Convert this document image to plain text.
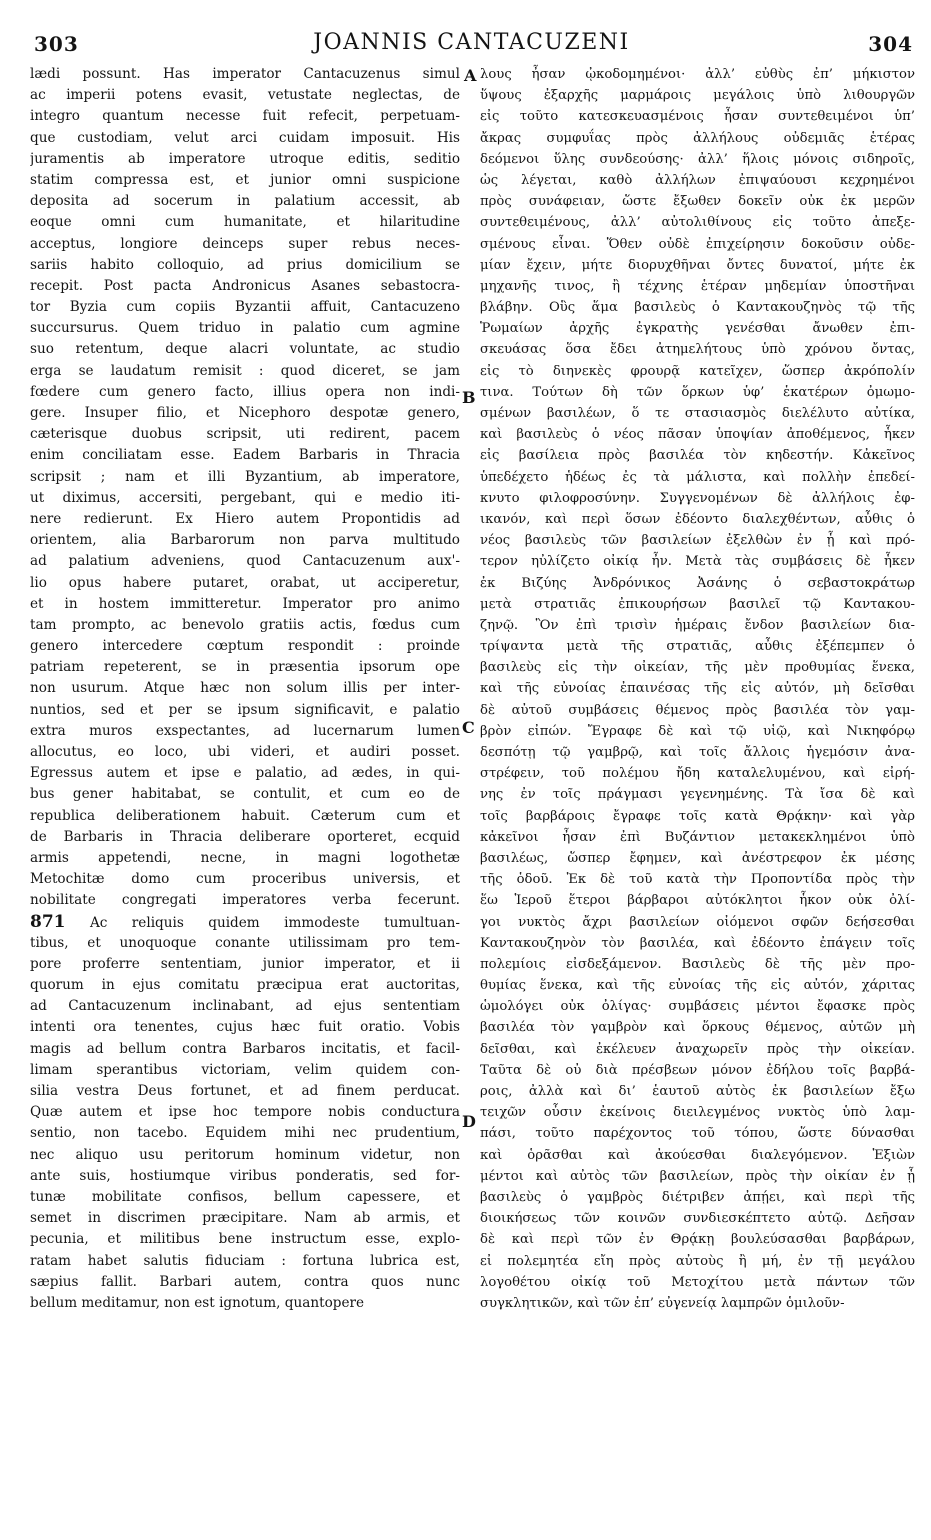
303	JOANNIS CANTACUZENI	304
lædi possunt. Has imperator Cantacuzenus simul
ac imperii potens evasit, vetustate neglectas, de
integro quantum necesse fuit refecit, perpetuam-
que custodiam, velut arci cuidam imposuit. His
juramentis ab imperatore utroque editis, seditio
statim compressa est, et junior omni suspicione
deposita ad socerum in palatium accessit, ab
eoque omni cum humanitate, et hilaritudine
acceptus, longiore deinceps super rebus neces-
sariis habito colloquio, ad prius domicilium se
recepit. Post pacta Andronicus Asanes sebastocra-
tor Byzia cum copiis Byzantii affuit, Cantacuzeno
succursurus. Quem triduo in palatio cum agmine
suo retentum, deque alacri voluntate, ac studio
erga se laudatum remisit : quod diceret, se jam
fœdere cum genero facto, illius opera non indi-
gere. Insuper filio, et Nicephoro despotæ genero,
cæterisque duobus scripsit, uti redirent, pacem
enim conciliatam esse. Eadem Barbaris in Thracia
scripsit ; nam et illi Byzantium, ab imperatore,
ut diximus, accersiti, pergebant, qui e medio iti-
nere redierunt. Ex Hiero autem Propontidis ad
orientem, alia Barbarorum non parva multitudo
ad palatium adveniens, quod Cantacuzenum aux'-
lio opus habere putaret, orabat, ut acciperetur,
et in hostem immitteretur. Imperator pro animo
tam prompto, ac benevolo gratiis actis, fœdus cum
genero intercedere cœptum respondit : proinde
patriam repeterent, se in præsentia ipsorum ope
non usurum. Atque hæc non solum illis per inter-
nuntios, sed et per se ipsum significavit, e palatio
extra muros exspectantes, ad lucernarum lumen
allocutus, eo loco, ubi videri, et audiri posset.
Egressus autem et ipse e palatio, ad ædes, in qui-
bus gener habitabat, se contulit, et cum eo de
republica deliberationem habuit. Cæterum cum et
de Barbaris in Thracia deliberare oporteret, ecquid
armis appetendi, necne, in magni logothetæ
Metochitæ domo cum proceribus universis, et
nobilitate congregati imperatores verba fecerunt.
871 Ac reliquis quidem immodeste tumultuan-
tibus, et unoquoque conante utilissimam pro tem-
pore proferre sententiam, junior imperator, et ii
quorum in ejus comitatu præcipua erat auctoritas,
ad Cantacuzenum inclinabant, ad ejus sententiam
intenti ora tenentes, cujus hæc fuit oratio. Vobis
magis ad bellum contra Barbaros incitatis, et facil-
limam sperantibus victoriam, velim quidem con-
silia vestra Deus fortunet, et ad finem perducat.
Quæ autem et ipse hoc tempore nobis conductura
sentio, non tacebo. Equidem mihi nec prudentium,
nec aliquo usu peritorum hominum videtur, non
ante suis, hostiumque viribus ponderatis, sed for-
tunæ mobilitate confisos, bellum capessere, et
semet in discrimen præcipitare. Nam ab armis, et
pecunia, et militibus bene instructum esse, explo-
ratam habet salutis fiduciam : fortuna lubrica est,
sæpius fallit. Barbari autem, contra quos nunc
bellum meditamur, non est ignotum, quantopere
A
B
C
D
λους ἦσαν ᾠκοδομημένοι· ἀλλ’ εὐθὺς ἐπ’ μήκιστον
ὕψους ἐξαρχῆς μαρμάροις μεγάλοις ὑπὸ λιθουργῶν
εἰς τοῦτο κατεσκευασμένοις ἦσαν συντεθειμένοι ὑπ’
ἄκρας συμφυΐας πρὸς ἀλλήλους οὐδεμιᾶς ἑτέρας
δεόμενοι ὕλης συνδεούσης· ἀλλ’ ἥλοις μόνοις σιδηροῖς,
ὡς λέγεται, καθὸ ἀλλήλων ἐπιψαύουσι κεχρημένοι
πρὸς συνάφειαν, ὥστε ἔξωθεν δοκεῖν οὐκ ἐκ μερῶν
συντεθειμένους, ἀλλ’ αὐτολιθίνους εἰς τοῦτο ἀπεξε-
σμένους εἶναι. Ὅθεν οὐδὲ ἐπιχείρησιν δοκοῦσιν οὐδε-
μίαν ἔχειν, μήτε διορυχθῆναι ὄντες δυνατοί, μήτε ἐκ
μηχανῆς τινος, ἢ τέχνης ἑτέραν μηδεμίαν ὑποστῆναι
βλάβην. Οὓς ἅμα βασιλεὺς ὁ Καντακουζηνὸς τῷ τῆς
Ῥωμαίων ἀρχῆς ἐγκρατὴς γενέσθαι ἄνωθεν ἐπι-
σκευάσας ὅσα ἔδει ἀτημελήτους ὑπὸ χρόνου ὄντας,
εἰς τὸ διηνεκὲς φρουρᾷ κατεῖχεν, ὥσπερ ἀκρόπολίν
τινα. Τούτων δὴ τῶν ὅρκων ὑφ’ ἑκατέρων ὀμωμο-
σμένων βασιλέων, ὅ τε στασιασμὸς διελέλυτο αὐτίκα,
καὶ βασιλεὺς ὁ νέος πᾶσαν ὑποψίαν ἀποθέμενος, ἧκεν
εἰς βασίλεια πρὸς βασιλέα τὸν κηδεστήν. Κἀκεῖνος
ὑπεδέχετο ἡδέως ἐς τὰ μάλιστα, καὶ πολλὴν ἐπεδεί-
κνυτο φιλοφροσύνην. Συγγενομένων δὲ ἀλλήλοις ἐφ-
ικανόν, καὶ περὶ ὅσων ἐδέοντο διαλεχθέντων, αὖθις ὁ
νέος βασιλεὺς τῶν βασιλείων ἐξελθὼν ἐν ᾗ καὶ πρό-
τερον ηὐλίζετο οἰκίᾳ ἦν. Μετὰ τὰς συμβάσεις δὲ ἧκεν
ἐκ Βιζύης Ἀνδρόνικος Ἀσάνης ὁ σεβαστοκράτωρ
μετὰ στρατιᾶς ἐπικουρήσων βασιλεῖ τῷ Καντακου-
ζηνῷ. Ὃν ἐπὶ τρισὶν ἡμέραις ἔνδον βασιλείων δια-
τρίψαντα μετὰ τῆς στρατιᾶς, αὖθις ἐξέπεμπεν ὁ
βασιλεὺς εἰς τὴν οἰκείαν, τῆς μὲν προθυμίας ἕνεκα,
καὶ τῆς εὐνοίας ἐπαινέσας τῆς εἰς αὐτόν, μὴ δεῖσθαι
δὲ αὐτοῦ συμβάσεις θέμενος πρὸς βασιλέα τὸν γαμ-
βρὸν εἰπών. Ἔγραφε δὲ καὶ τῷ υἱῷ, καὶ Νικηφόρῳ
δεσπότῃ τῷ γαμβρῷ, καὶ τοῖς ἄλλοις ἡγεμόσιν ἀνα-
στρέφειν, τοῦ πολέμου ἤδη καταλελυμένου, καὶ εἰρή-
νης ἐν τοῖς πράγμασι γεγενημένης. Τὰ ἴσα δὲ καὶ
τοῖς βαρβάροις ἔγραφε τοῖς κατὰ Θρᾴκην· καὶ γὰρ
κἀκεῖνοι ἦσαν ἐπὶ Βυζάντιον μετακεκλημένοι ὑπὸ
βασιλέως, ὥσπερ ἔφημεν, καὶ ἀνέστρεφον ἐκ μέσης
τῆς ὁδοῦ. Ἐκ δὲ τοῦ κατὰ τὴν Προποντίδα πρὸς τὴν
ἕω Ἱεροῦ ἕτεροι βάρβαροι αὐτόκλητοι ἧκον οὐκ ὀλί-
γοι νυκτὸς ἄχρι βασιλείων οἰόμενοι σφῶν δεήσεσθαι
Καντακουζηνὸν τὸν βασιλέα, καὶ ἐδέοντο ἐπάγειν τοῖς
πολεμίοις εἰσδεξάμενον. Βασιλεὺς δὲ τῆς μὲν προ-
θυμίας ἕνεκα, καὶ τῆς εὐνοίας τῆς εἰς αὐτόν, χάριτας
ὡμολόγει οὐκ ὀλίγας· συμβάσεις μέντοι ἔφασκε πρὸς
βασιλέα τὸν γαμβρὸν καὶ ὅρκους θέμενος, αὐτῶν μὴ
δεῖσθαι, καὶ ἐκέλευεν ἀναχωρεῖν πρὸς τὴν οἰκείαν.
Ταῦτα δὲ οὐ διὰ πρέσβεων μόνον ἐδήλου τοῖς βαρβά-
ροις, ἀλλὰ καὶ δι’ ἑαυτοῦ αὐτὸς ἐκ βασιλείων ἔξω
τειχῶν οὖσιν ἐκείνοις διειλεγμένος νυκτὸς ὑπὸ λαμ-
πάσι, τοῦτο παρέχοντος τοῦ τόπου, ὥστε δύνασθαι
καὶ ὁρᾶσθαι καὶ ἀκούεσθαι διαλεγόμενον. Ἐξιὼν
μέντοι καὶ αὐτὸς τῶν βασιλείων, πρὸς τὴν οἰκίαν ἐν ᾗ
βασιλεὺς ὁ γαμβρὸς διέτριβεν ἀπῄει, καὶ περὶ τῆς
διοικήσεως τῶν κοινῶν συνδιεσκέπτετο αὐτῷ. Δεῆσαν
δὲ καὶ περὶ τῶν ἐν Θρᾴκῃ βουλεύσασθαι βαρβάρων,
εἰ πολεμητέα εἴη πρὸς αὐτοὺς ἢ μή, ἐν τῇ μεγάλου
λογοθέτου οἰκίᾳ τοῦ Μετοχίτου μετὰ πάντων τῶν
συγκλητικῶν, καὶ τῶν ἐπ’ εὐγενείᾳ λαμπρῶν ὁμιλοῦν-
